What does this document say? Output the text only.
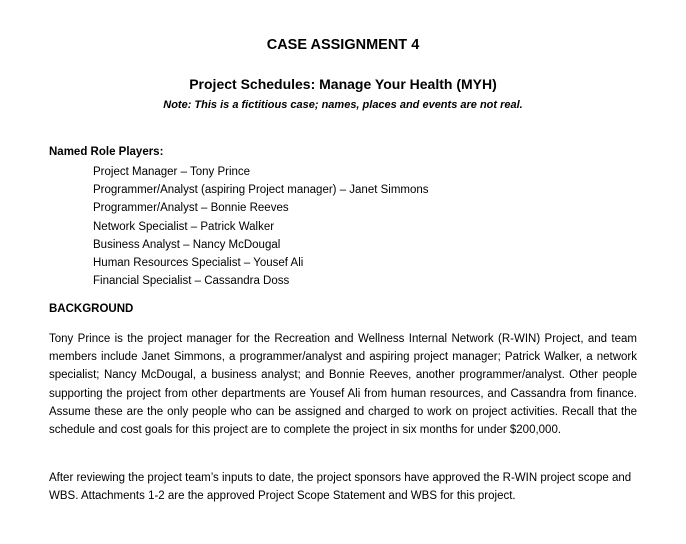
CASE ASSIGNMENT 4
Project Schedules: Manage Your Health (MYH)
Note: This is a fictitious case; names, places and events are not real.
Named Role Players:
Project Manager – Tony Prince
Programmer/Analyst (aspiring Project manager) – Janet Simmons
Programmer/Analyst – Bonnie Reeves
Network Specialist – Patrick Walker
Business Analyst – Nancy McDougal
Human Resources Specialist – Yousef Ali
Financial Specialist – Cassandra Doss
BACKGROUND

Tony Prince is the project manager for the Recreation and Wellness Internal Network (R-WIN) Project, and team members include Janet Simmons, a programmer/analyst and aspiring project manager; Patrick Walker, a network specialist; Nancy McDougal, a business analyst; and Bonnie Reeves, another programmer/analyst. Other people supporting the project from other departments are Yousef Ali from human resources, and Cassandra from finance. Assume these are the only people who can be assigned and charged to work on project activities. Recall that the schedule and cost goals for this project are to complete the project in six months for under $200,000.

After reviewing the project team’s inputs to date, the project sponsors have approved the R-WIN project scope and WBS. Attachments 1-2 are the approved Project Scope Statement and WBS for this project.
